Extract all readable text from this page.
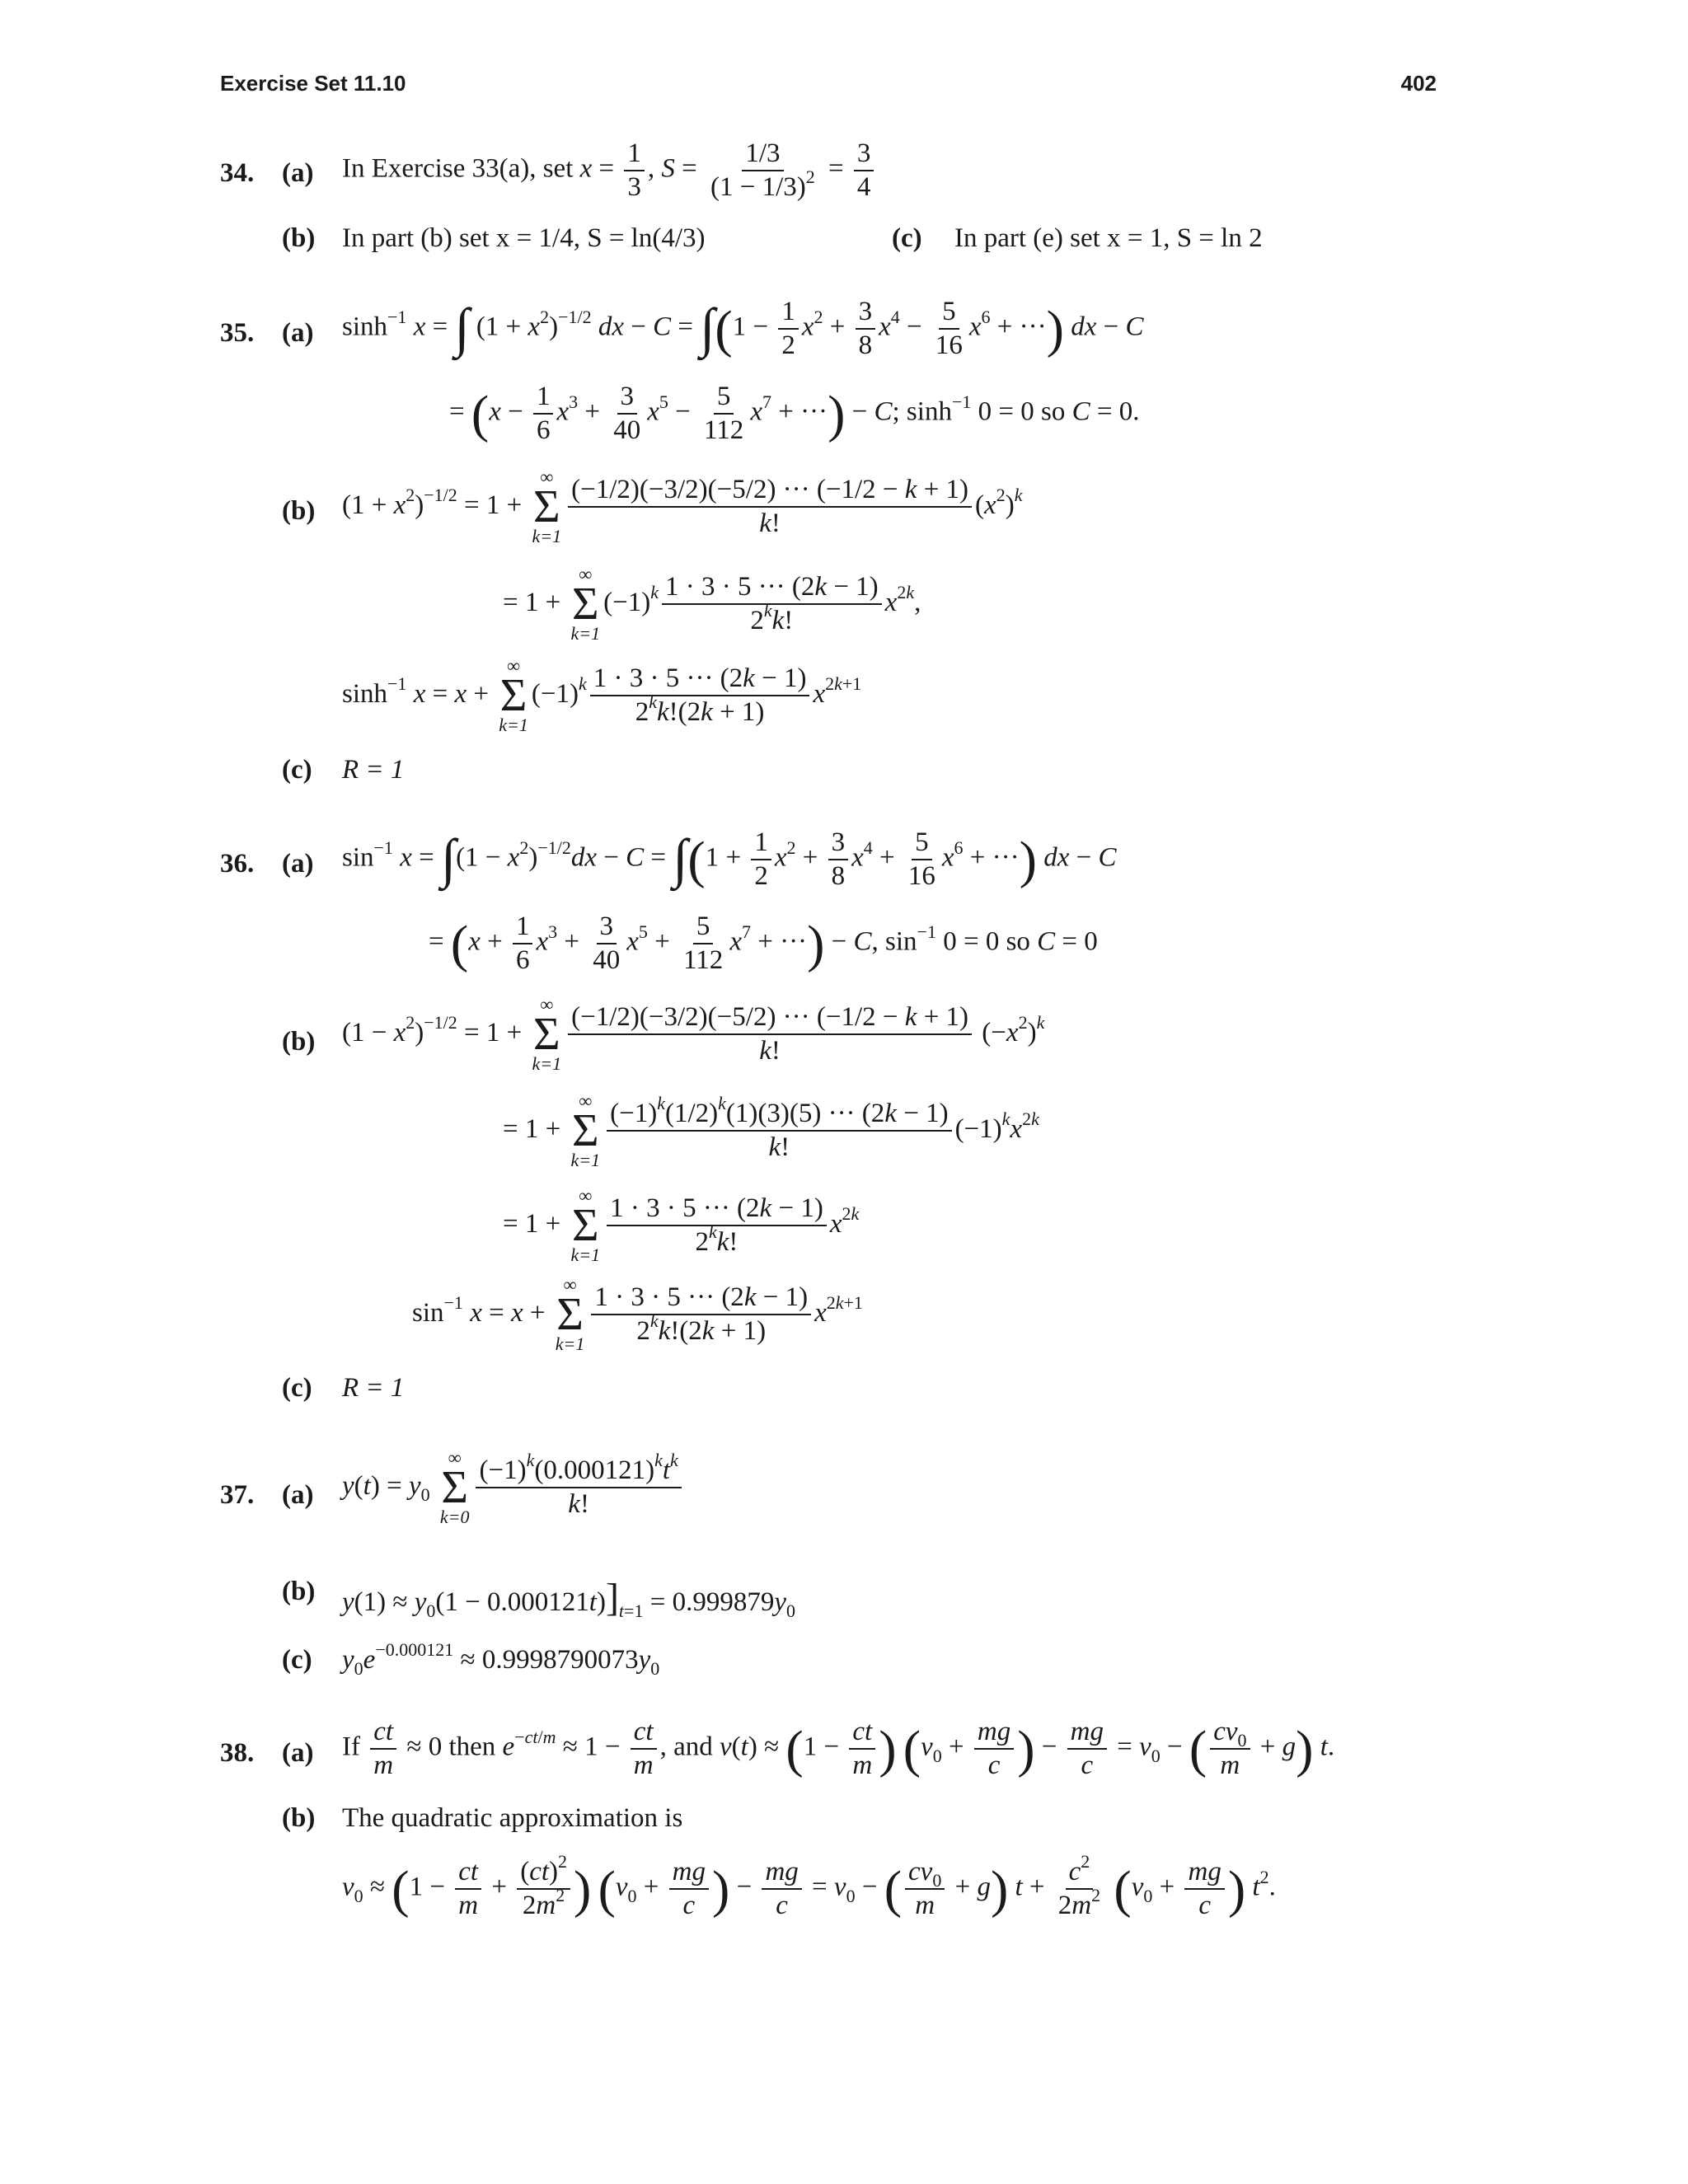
Exercise Set 11.10	402
34. (a) In Exercise 33(a), set $x = \frac{1}{3}$ , $S = \frac{1/3}{(1 - 1/3)^2} = \frac{3}{4}$
(b) In part (b) set x = 1/4, S = ln(4/3)	(c) In part (e) set x = 1, S = ln 2
35. (a) $\sinh^{-1} x$ = ∫ $(1 + x^2)^{-1/2}$ dx − $C = \int(1 - \frac{1}{2} x^2 + \frac{3}{8} x^4 - \frac{5}{16} x^6$ + ···) dx − C
= ($x - \frac{1}{6} x^3 + \frac{3}{40} x^5 - \frac{5}{112} x^7$ + ···) − C; $\sinh^{-1} 0 = 0$ so C = 0.
(b) $(1 + x^2)^{-1/2} = 1$ +
∞
Σ
$k=1 \frac{(-1/2)(-3/2)(-5/2) \cdot\cdot\cdot (-1/2 - k + 1)}{k!} (x^2)^k$
= 1 +
∞
Σ
k=1
$(-1)^k \frac{1 \cdot 3 \cdot 5 \cdot\cdot\cdot (2k - 1)}{2^kk!} x^{2k}$,
$\sinh^{-1} x = x$ +
∞
Σ
k=1
$(-1)^k \frac{1 \cdot 3 \cdot 5 \cdot\cdot\cdot (2k - 1)}{2^kk!(2k + 1)} x^{2k+1}$
(c) R = 1
36. (a) $\sin^{-1} x = \int(1 - x^2)^{-1/2}dx - C = \int(1 + \frac{1}{2} x^2 + \frac{3}{8} x^4 + \frac{5}{16} x^6$ + ···) dx − C
= ($x + \frac{1}{6} x^3 + \frac{3}{40} x^5 + \frac{5}{112} x^7$ + ···) − C, $\sin^{-1} 0 = 0$ so C = 0
(b) $(1 - x^2)^{-1/2} = 1$ +
∞
Σ
$k=1 \frac{(-1/2)(-3/2)(-5/2) \cdot\cdot\cdot (-1/2 - k + 1)}{k!} (-x^2)^k$
= 1 +
∞
Σ
$k=1 \frac{(-1)^k(1/2)^k(1)(3)(5) \cdot\cdot\cdot (2k - 1)}{k!} (-1)^kx^{2k}$
= 1 +
∞
Σ
$k=1 \frac{1 \cdot 3 \cdot 5 \cdot\cdot\cdot (2k - 1)}{2^kk!} x^{2k}$
$\sin^{-1} x = x$ +
∞
Σ
$k=1 \frac{1 \cdot 3 \cdot 5 \cdot\cdot\cdot (2k - 1)}{2^kk!(2k + 1)} x^{2k+1}$
(c) R = 1
37. (a) $y(t) = y_0$
∞
Σ
$k=0 \frac{(-1)^k(0.000121)^kt^k}{k!}$
(b) $y(1) \approx y_0(1 - 0.000121t)]_{t=1} = 0.999879y_0$
(c) $y_0e^{-0.000121} \approx 0.9998790073y_0$
38. (a) If $\frac{ct}{m} \approx 0$ then $e^{-ct/m} \approx 1 - \frac{ct}{m}$ , and $v(t) \approx (1 - \frac{ct}{m}$ ) ($v_0 + \frac{mg}{c}$ ) − $\frac{mg}{c} = v_0$ − ( $\frac{cv_0}{m} + g$) t.
(b) The quadratic approximation is
$v_0 \approx (1 - \frac{ct}{m} + \frac{(ct)^2}{2m^2}$ ) ($v_0 + \frac{mg}{c}$ ) − $\frac{mg}{c} = v_0$ − ( $\frac{cv_0}{m} + g$) $t + \frac{c^2}{2m^2} (v_0 + \frac{mg}{c}$ ) $t^2$.
